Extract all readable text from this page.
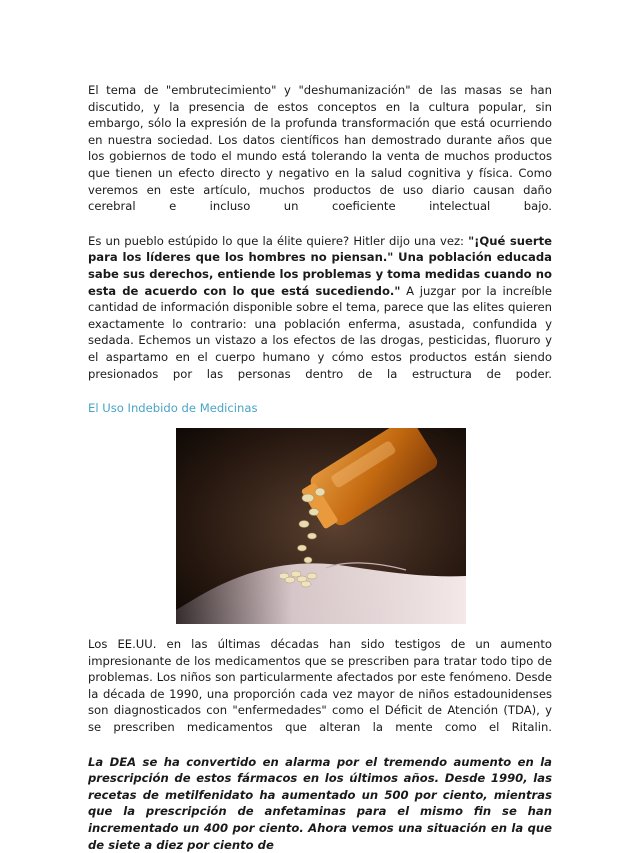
El tema de "embrutecimiento" y "deshumanización" de las masas se han discutido, y la presencia de estos conceptos en la cultura popular, sin embargo, sólo la expresión de la profunda transformación que está ocurriendo en nuestra sociedad. Los datos científicos han demostrado durante años que los gobiernos de todo el mundo está tolerando la venta de muchos productos que tienen un efecto directo y negativo en la salud cognitiva y física. Como veremos en este artículo, muchos productos de uso diario causan daño cerebral e incluso un coeficiente intelectual bajo.

Es un pueblo estúpido lo que la élite quiere? Hitler dijo una vez: "¡Qué suerte para los líderes que los hombres no piensan." Una población educada sabe sus derechos, entiende los problemas y toma medidas cuando no esta de acuerdo con lo que está sucediendo." A juzgar por la increíble cantidad de información disponible sobre el tema, parece que las elites quieren exactamente lo contrario: una población enferma, asustada, confundida y sedada. Echemos un vistazo a los efectos de las drogas, pesticidas, fluoruro y el aspartamo en el cuerpo humano y cómo estos productos están siendo presionados por las personas dentro de la estructura de poder.

El Uso Indebido de Medicinas

Los EE.UU. en las últimas décadas han sido testigos de un aumento impresionante de los medicamentos que se prescriben para tratar todo tipo de problemas. Los niños son particularmente afectados por este fenómeno. Desde la década de 1990, una proporción cada vez mayor de niños estadounidenses son diagnosticados con "enfermedades" como el Déficit de Atención (TDA), y se prescriben medicamentos que alteran la mente como el Ritalin.

La DEA se ha convertido en alarma por el tremendo aumento en la prescripción de estos fármacos en los últimos años. Desde 1990, las recetas de metilfenidato ha aumentado un 500 por ciento, mientras que la prescripción de anfetaminas para el mismo fin se han incrementado un 400 por ciento. Ahora vemos una situación en la que de siete a diez por ciento de
